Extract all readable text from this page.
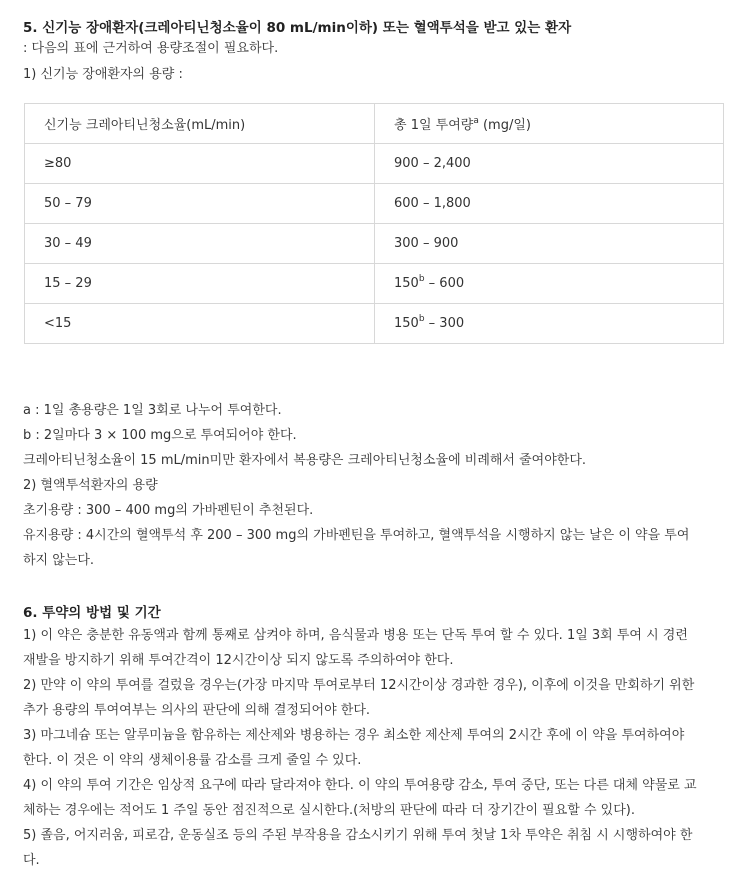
5. 신기능 장애환자(크레아티닌청소율이 80 mL/min이하) 또는 혈액투석을 받고 있는 환자
: 다음의 표에 근거하여 용량조절이 필요하다.
1) 신기능 장애환자의 용량 :
신기능 크레아티닌청소율(mL/min)	총 1일 투여량$^a$ (mg/일)
≥80	900 – 2,400
50 – 79	600 – 1,800
30 – 49	300 – 900
15 – 29	150$^b$ – 600
<15	150$^b$ – 300
a : 1일 총용량은 1일 3회로 나누어 투여한다.
b : 2일마다 3 × 100 mg으로 투여되어야 한다.
크레아티닌청소율이 15 mL/min미만 환자에서 복용량은 크레아티닌청소율에 비례해서 줄여야한다.
2) 혈액투석환자의 용량
초기용량 : 300 – 400 mg의 가바펜틴이 추천된다.
유지용량 : 4시간의 혈액투석 후 200 – 300 mg의 가바펜틴을 투여하고, 혈액투석을 시행하지 않는 날은 이 약을 투여
하지 않는다.
6. 투약의 방법 및 기간
1) 이 약은 충분한 유동액과 함께 통째로 삼켜야 하며, 음식물과 병용 또는 단독 투여 할 수 있다. 1일 3회 투여 시 경련
재발을 방지하기 위해 투여간격이 12시간이상 되지 않도록 주의하여야 한다.
2) 만약 이 약의 투여를 걸렀을 경우는(가장 마지막 투여로부터 12시간이상 경과한 경우), 이후에 이것을 만회하기 위한
추가 용량의 투여여부는 의사의 판단에 의해 결정되어야 한다.
3) 마그네슘 또는 알루미늄을 함유하는 제산제와 병용하는 경우 최소한 제산제 투여의 2시간 후에 이 약을 투여하여야
한다. 이 것은 이 약의 생체이용률 감소를 크게 줄일 수 있다.
4) 이 약의 투여 기간은 임상적 요구에 따라 달라져야 한다. 이 약의 투여용량 감소, 투여 중단, 또는 다른 대체 약물로 교
체하는 경우에는 적어도 1 주일 동안 점진적으로 실시한다.(처방의 판단에 따라 더 장기간이 필요할 수 있다).
5) 졸음, 어지러움, 피로감, 운동실조 등의 주된 부작용을 감소시키기 위해 투여 첫날 1차 투약은 취침 시 시행하여야 한
다.
